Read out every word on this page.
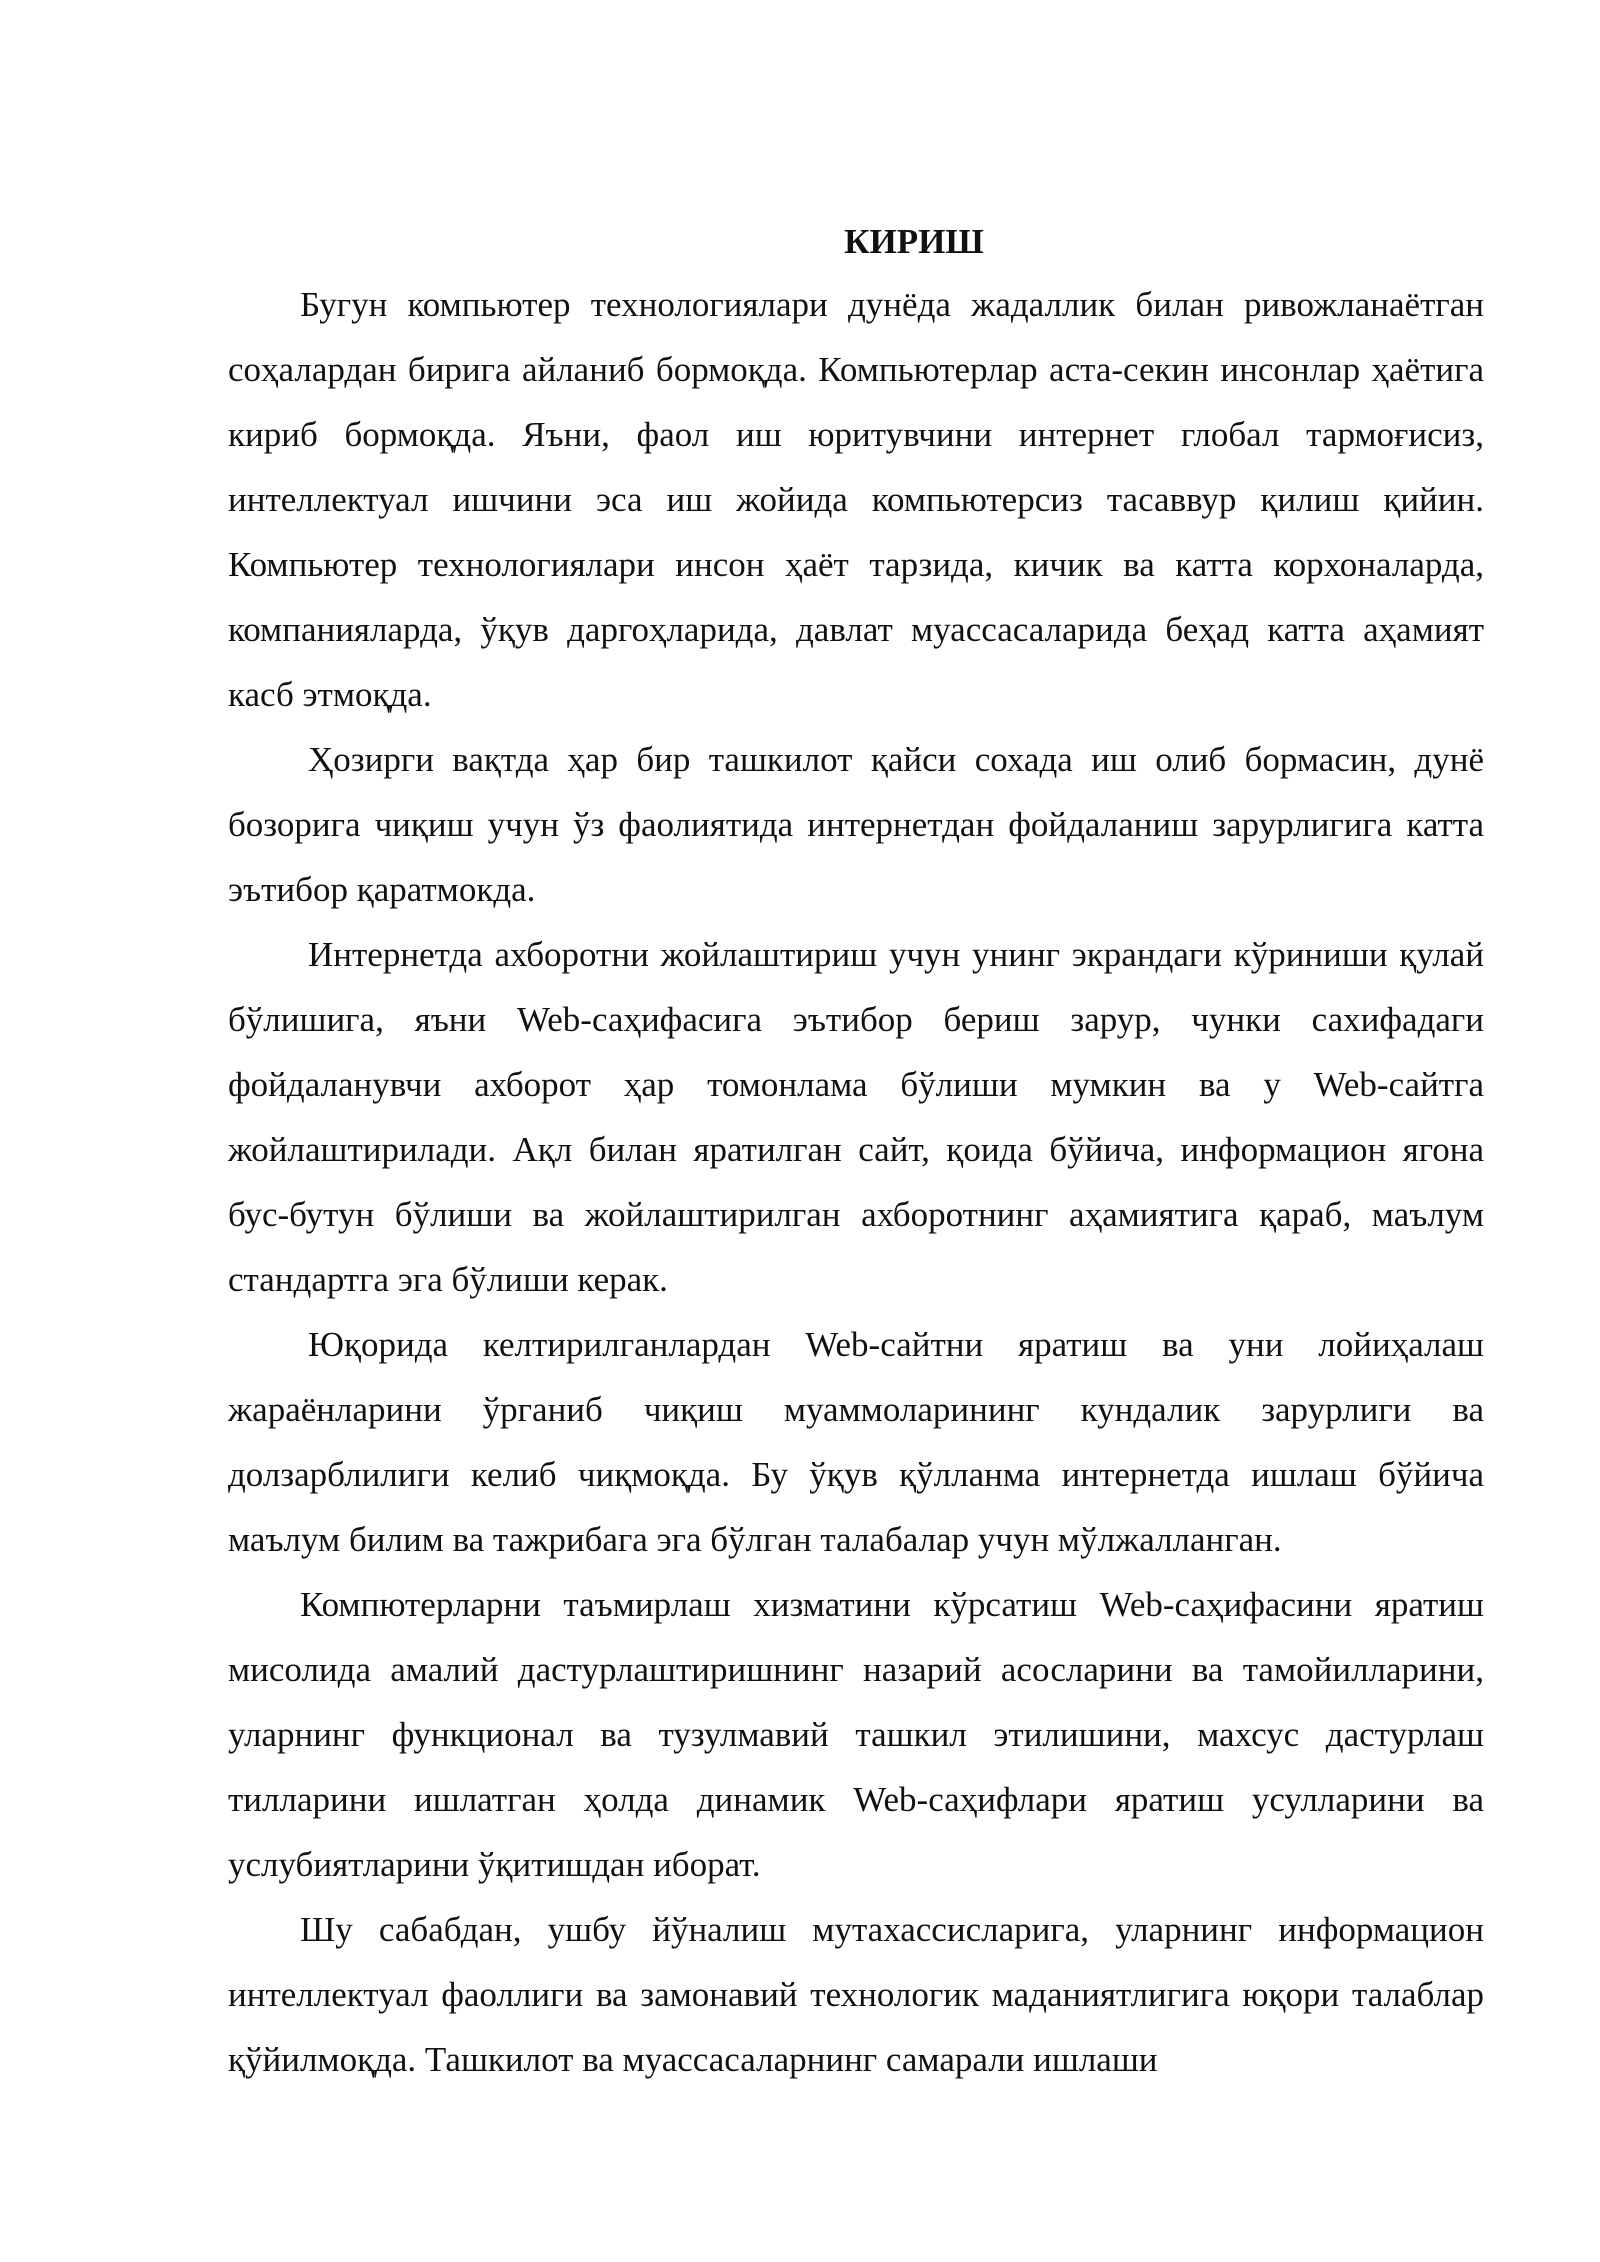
КИРИШ

Бугун компьютер технологиялари дунёда жадаллик билан ривожланаётган соҳалардан бирига айланиб бормоқда. Компьютерлар аста-секин инсонлар ҳаётига кириб бормоқда. Яъни, фаол иш юритувчини интернет глобал тармоғисиз, интеллектуал ишчини эса иш жойида компьютерсиз тасаввур қилиш қийин. Компьютер технологиялари инсон ҳаёт тарзида, кичик ва катта корхоналарда, компанияларда, ўқув даргоҳларида, давлат муассасаларида беҳад катта аҳамият касб этмоқда.

Ҳозирги вақтда ҳар бир ташкилот қайси сохада иш олиб бормасин, дунё бозорига чиқиш учун ўз фаолиятида интернетдан фойдаланиш зарурлигига катта эътибор қаратмокда.

Интернетда ахборотни жойлаштириш учун унинг экрандаги кўриниши қулай бўлишига, яъни Web-саҳифасига эътибор бериш зарур, чунки сахифадаги фойдаланувчи ахборот ҳар томонлама бўлиши мумкин ва у Web-сайтга жойлаштирилади. Ақл билан яратилган сайт, қоида бўйича, информацион ягона бус-бутун бўлиши ва жойлаштирилган ахборотнинг аҳамиятига қараб, маълум стандартга эга бўлиши керак.

Юқорида келтирилганлардан Web-сайтни яратиш ва уни лойиҳалаш жараёнларини ўрганиб чиқиш муаммоларининг кундалик зарурлиги ва долзарблилиги келиб чиқмоқда. Бу ўқув қўлланма интернетда ишлаш бўйича маълум билим ва тажрибага эга бўлган талабалар учун мўлжалланган.

Компютерларни таъмирлаш хизматини кўрсатиш Web-саҳифасини яратиш мисолида амалий дастурлаштиришнинг назарий асосларини ва тамойилларини, уларнинг функционал ва тузулмавий ташкил этилишини, махсус дастурлаш тилларини ишлатган ҳолда динамик Web-саҳифлари яратиш усулларини ва услубиятларини ўқитишдан иборат.

Шу сабабдан, ушбу йўналиш мутахассисларига, уларнинг информацион интеллектуал фаоллиги ва замонавий технологик маданиятлигига юқори талаблар қўйилмоқда. Ташкилот ва муассасаларнинг самарали ишлаши
